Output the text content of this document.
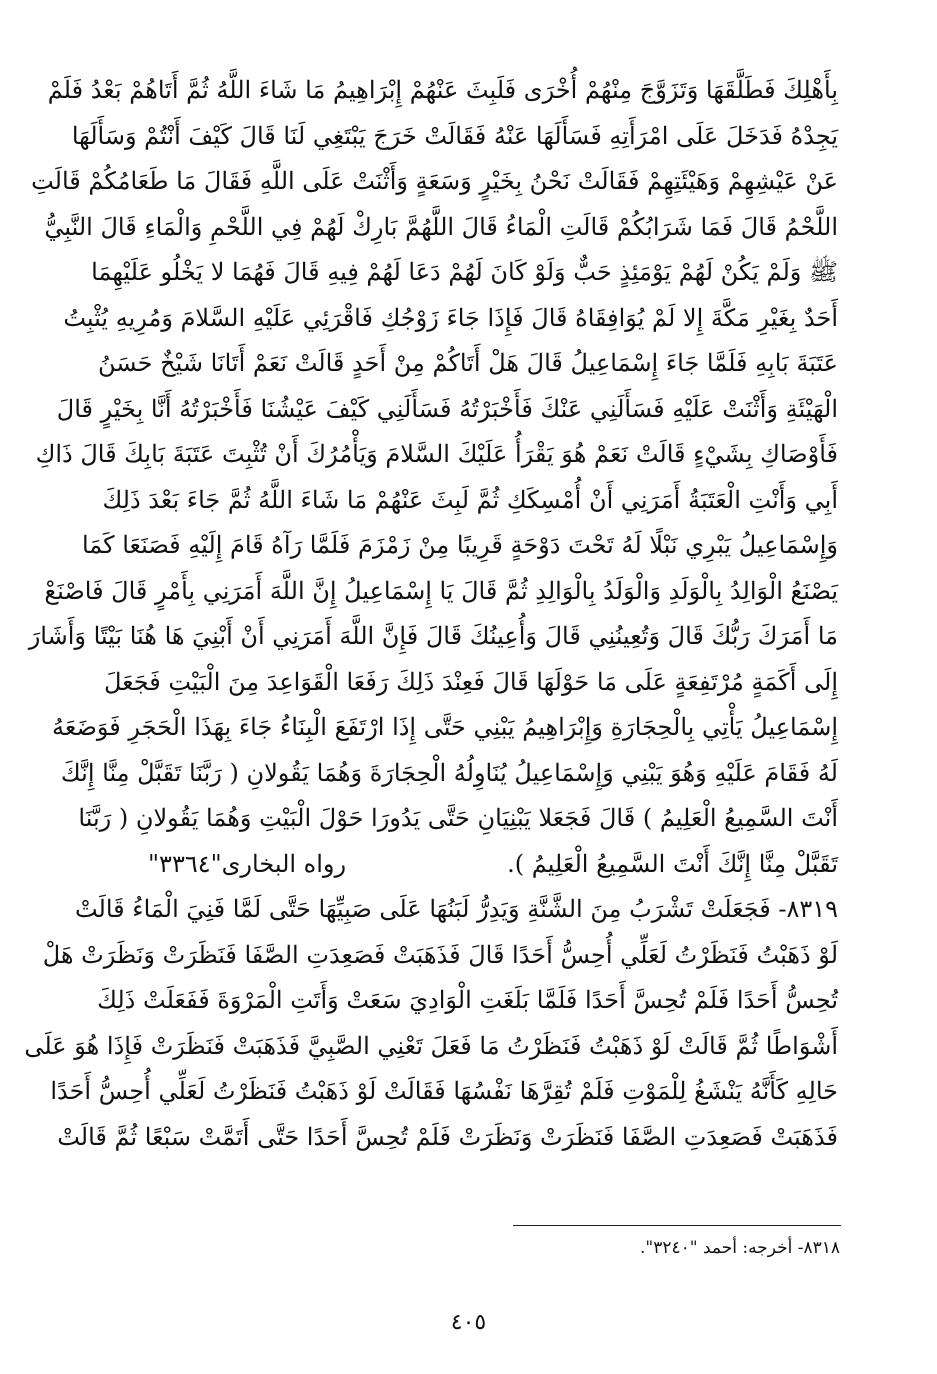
بِأَهْلِكَ فَطَلَّقَهَا وَتَزَوَّجَ مِنْهُمْ أُخْرَى فَلَبِثَ عَنْهُمْ إِبْرَاهِيمُ مَا شَاءَ اللَّهُ ثُمَّ أَتَاهُمْ بَعْدُ فَلَمْ
يَجِدْهُ فَدَخَلَ عَلَى امْرَأَتِهِ فَسَأَلَهَا عَنْهُ فَقَالَتْ خَرَجَ يَبْتَغِي لَنَا قَالَ كَيْفَ أَنْتُمْ وَسَأَلَهَا
عَنْ عَيْشِهِمْ وَهَيْئَتِهِمْ فَقَالَتْ نَحْنُ بِخَيْرٍ وَسَعَةٍ وَأَثْنَتْ عَلَى اللَّهِ فَقَالَ مَا طَعَامُكُمْ قَالَتِ
اللَّحْمُ قَالَ فَمَا شَرَابُكُمْ قَالَتِ الْمَاءُ قَالَ اللَّهُمَّ بَارِكْ لَهُمْ فِي اللَّحْمِ وَالْمَاءِ قَالَ النَّبِيُّ
ﷺ وَلَمْ يَكُنْ لَهُمْ يَوْمَئِذٍ حَبٌّ وَلَوْ كَانَ لَهُمْ دَعَا لَهُمْ فِيهِ قَالَ فَهُمَا لا يَخْلُو عَلَيْهِمَا
أَحَدٌ بِغَيْرِ مَكَّةَ إِلا لَمْ يُوَافِقَاهُ قَالَ فَإِذَا جَاءَ زَوْجُكِ فَاقْرَئِي عَلَيْهِ السَّلامَ وَمُرِيهِ يُثْبِتُ
عَتَبَةَ بَابِهِ فَلَمَّا جَاءَ إِسْمَاعِيلُ قَالَ هَلْ أَتَاكُمْ مِنْ أَحَدٍ قَالَتْ نَعَمْ أَتَانَا شَيْخٌ حَسَنُ
الْهَيْئَةِ وَأَثْنَتْ عَلَيْهِ فَسَأَلَنِي عَنْكَ فَأَخْبَرْتُهُ فَسَأَلَنِي كَيْفَ عَيْشُنَا فَأَخْبَرْتُهُ أَنَّا بِخَيْرٍ قَالَ
فَأَوْصَاكِ بِشَيْءٍ قَالَتْ نَعَمْ هُوَ يَقْرَأُ عَلَيْكَ السَّلامَ وَيَأْمُرُكَ أَنْ تُثْبِتَ عَتَبَةَ بَابِكَ قَالَ ذَاكِ
أَبِي وَأَنْتِ الْعَتَبَةُ أَمَرَنِي أَنْ أُمْسِكَكِ ثُمَّ لَبِثَ عَنْهُمْ مَا شَاءَ اللَّهُ ثُمَّ جَاءَ بَعْدَ ذَلِكَ
وَإِسْمَاعِيلُ يَبْرِي نَبْلًا لَهُ تَحْتَ دَوْحَةٍ قَرِيبًا مِنْ زَمْزَمَ فَلَمَّا رَآهُ قَامَ إِلَيْهِ فَصَنَعَا كَمَا
يَصْنَعُ الْوَالِدُ بِالْوَلَدِ وَالْوَلَدُ بِالْوَالِدِ ثُمَّ قَالَ يَا إِسْمَاعِيلُ إِنَّ اللَّهَ أَمَرَنِي بِأَمْرٍ قَالَ فَاصْنَعْ
مَا أَمَرَكَ رَبُّكَ قَالَ وَتُعِينُنِي قَالَ وَأُعِينُكَ قَالَ فَإِنَّ اللَّهَ أَمَرَنِي أَنْ أَبْنِيَ هَا هُنَا بَيْتًا وَأَشَارَ
إِلَى أَكَمَةٍ مُرْتَفِعَةٍ عَلَى مَا حَوْلَهَا قَالَ فَعِنْدَ ذَلِكَ رَفَعَا الْقَوَاعِدَ مِنَ الْبَيْتِ فَجَعَلَ
إِسْمَاعِيلُ يَأْتِي بِالْحِجَارَةِ وَإِبْرَاهِيمُ يَبْنِي حَتَّى إِذَا ارْتَفَعَ الْبِنَاءُ جَاءَ بِهَذَا الْحَجَرِ فَوَضَعَهُ
لَهُ فَقَامَ عَلَيْهِ وَهُوَ يَبْنِي وَإِسْمَاعِيلُ يُنَاوِلُهُ الْحِجَارَةَ وَهُمَا يَقُولانِ ( رَبَّنَا تَقَبَّلْ مِنَّا إِنَّكَ
أَنْتَ السَّمِيعُ الْعَلِيمُ ) قَالَ فَجَعَلا يَبْنِيَانِ حَتَّى يَدُورَا حَوْلَ الْبَيْتِ وَهُمَا يَقُولانِ ( رَبَّنَا
تَقَبَّلْ مِنَّا إِنَّكَ أَنْتَ السَّمِيعُ الْعَلِيمُ ).
رواه البخارى"٣٣٦٤"
٨٣١٩- فَجَعَلَتْ تَشْرَبُ مِنَ الشَّنَّةِ وَيَدِرُّ لَبَنُهَا عَلَى صَبِيِّهَا حَتَّى لَمَّا فَنِيَ الْمَاءُ قَالَتْ
لَوْ ذَهَبْتُ فَنَظَرْتُ لَعَلِّي أُحِسُّ أَحَدًا قَالَ فَذَهَبَتْ فَصَعِدَتِ الصَّفَا فَنَظَرَتْ وَنَظَرَتْ هَلْ
تُحِسُّ أَحَدًا فَلَمْ تُحِسَّ أَحَدًا فَلَمَّا بَلَغَتِ الْوَادِيَ سَعَتْ وَأَتَتِ الْمَرْوَةَ فَفَعَلَتْ ذَلِكَ
أَشْوَاطًا ثُمَّ قَالَتْ لَوْ ذَهَبْتُ فَنَظَرْتُ مَا فَعَلَ تَعْنِي الصَّبِيَّ فَذَهَبَتْ فَنَظَرَتْ فَإِذَا هُوَ عَلَى
حَالِهِ كَأَنَّهُ يَنْشَغُ لِلْمَوْتِ فَلَمْ تُقِرَّهَا نَفْسُهَا فَقَالَتْ لَوْ ذَهَبْتُ فَنَظَرْتُ لَعَلِّي أُحِسُّ أَحَدًا
فَذَهَبَتْ فَصَعِدَتِ الصَّفَا فَنَظَرَتْ وَنَظَرَتْ فَلَمْ تُحِسَّ أَحَدًا حَتَّى أَتَمَّتْ سَبْعًا ثُمَّ قَالَتْ
٨٣١٨- أخرجه: أحمد "٣٢٤٠".
٤٠٥
